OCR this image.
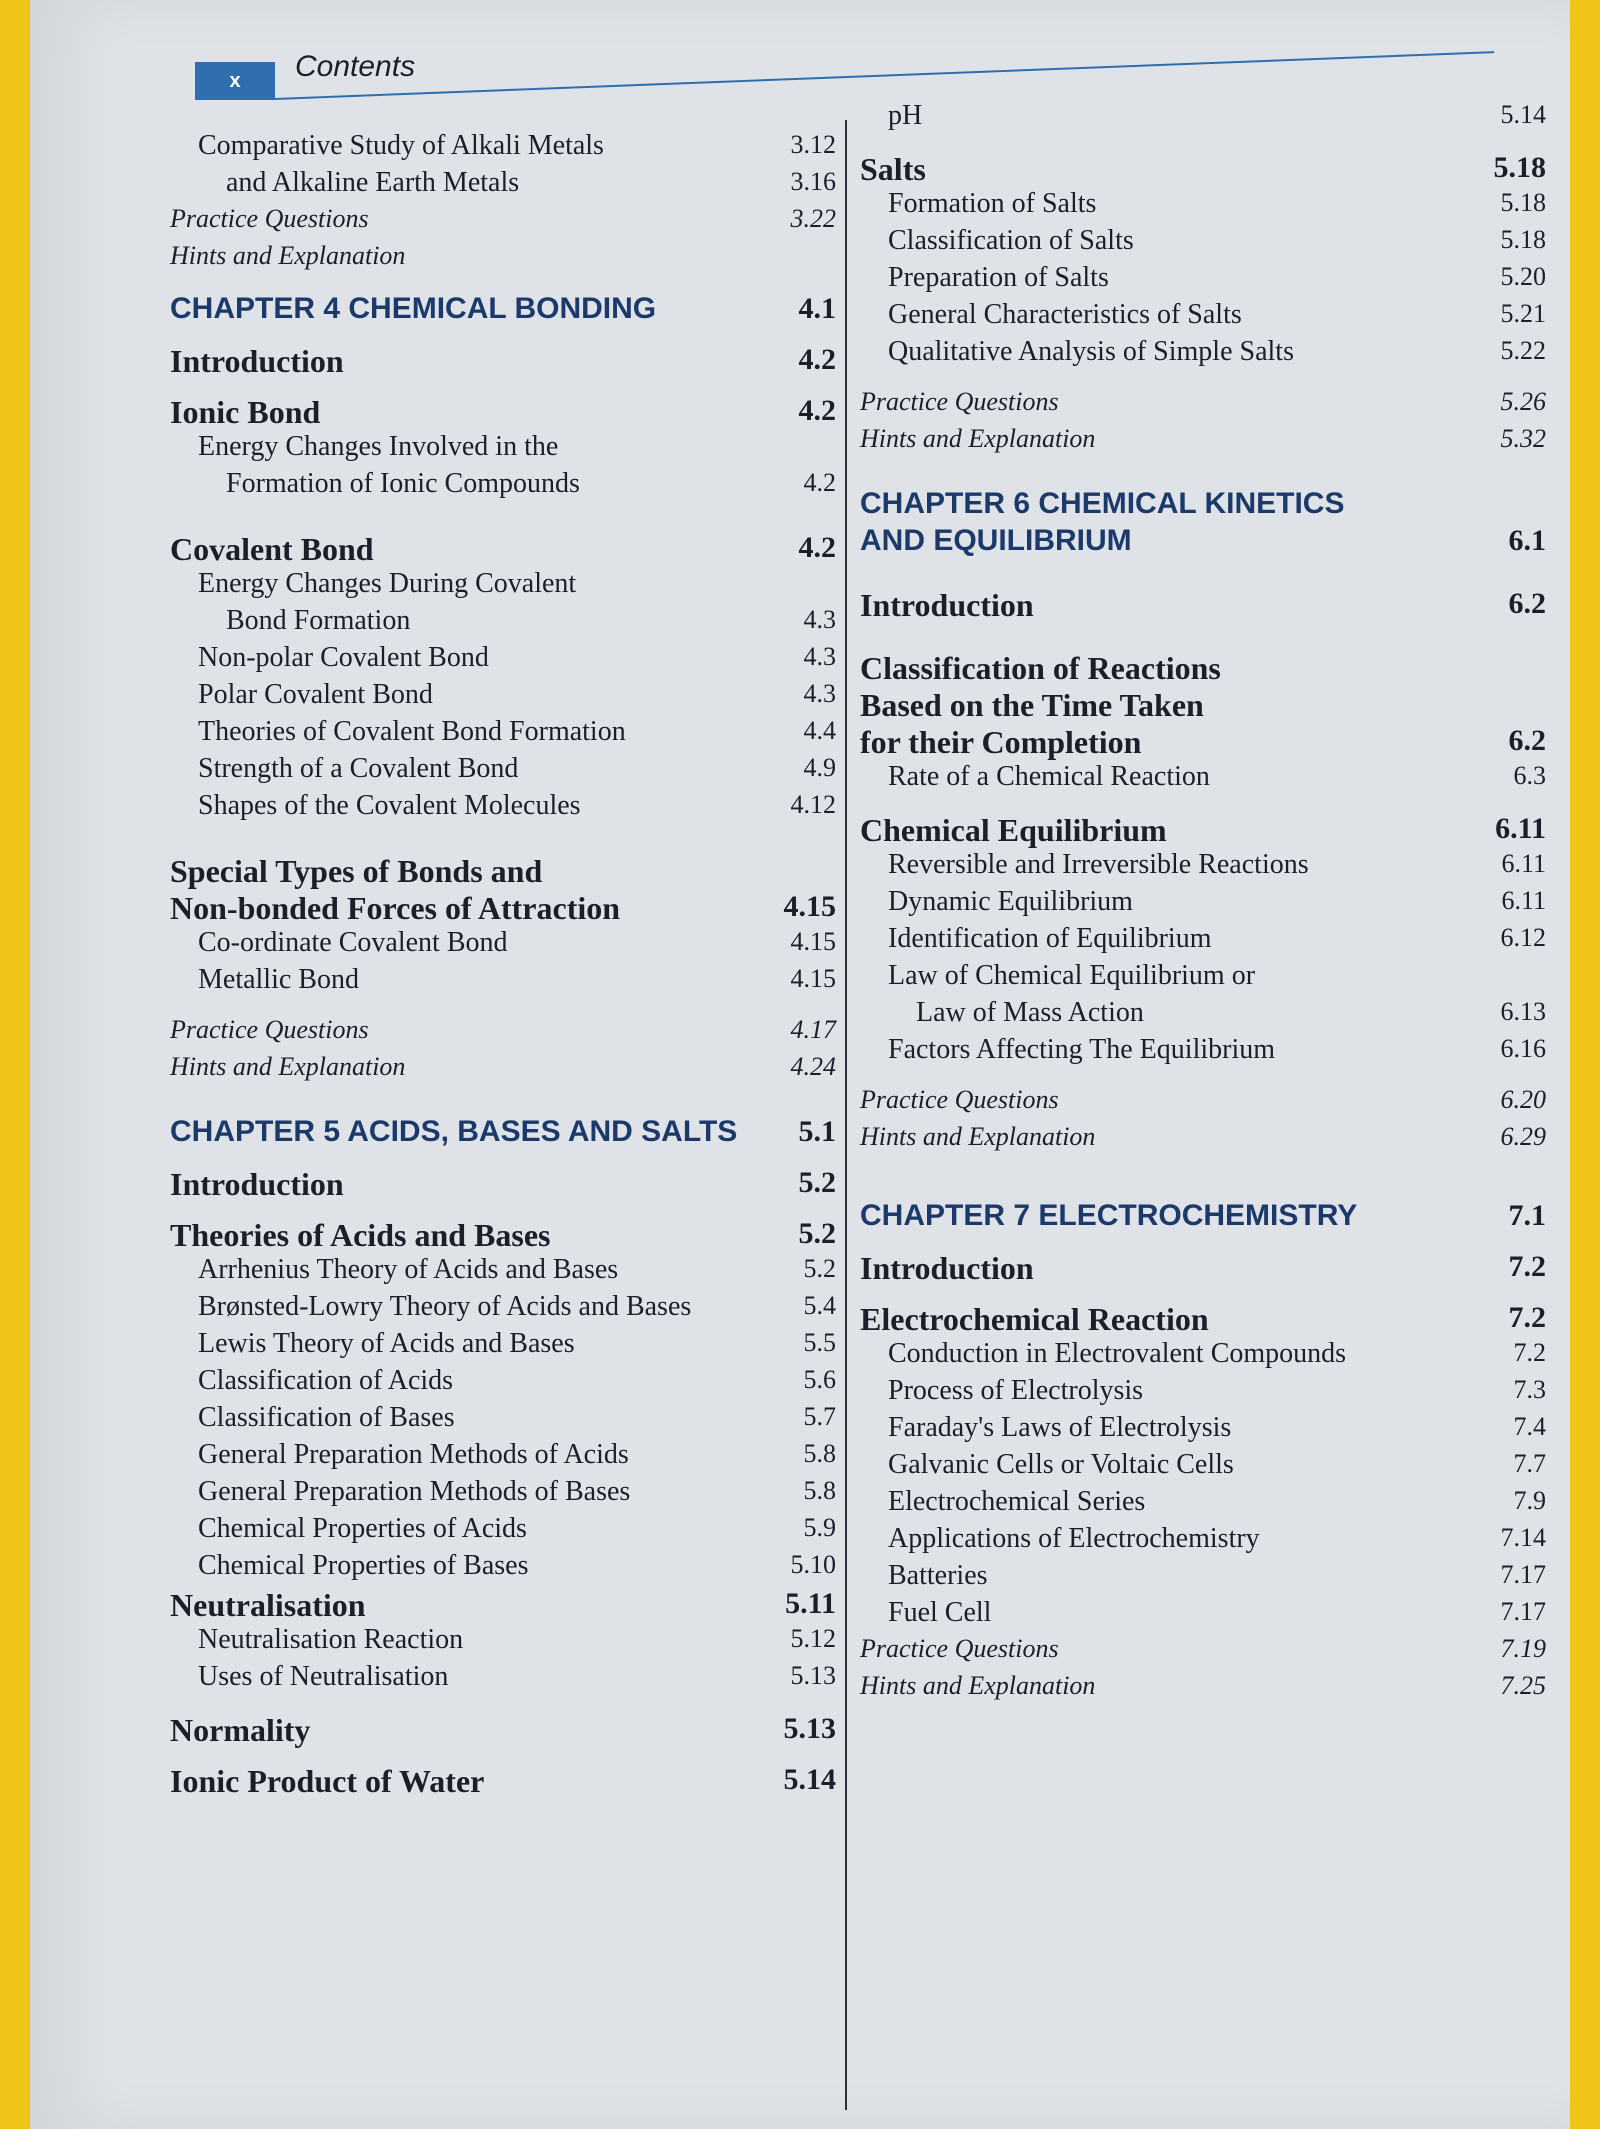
x	Contents
Comparative Study of Alkali Metals	3.12
and Alkaline Earth Metals	3.16
Practice Questions	3.22
Hints and Explanation
CHAPTER 4 CHEMICAL BONDING	4.1
Introduction	4.2
Ionic Bond	4.2
Energy Changes Involved in the
Formation of Ionic Compounds	4.2
Covalent Bond	4.2
Energy Changes During Covalent
Bond Formation	4.3
Non-polar Covalent Bond	4.3
Polar Covalent Bond	4.3
Theories of Covalent Bond Formation	4.4
Strength of a Covalent Bond	4.9
Shapes of the Covalent Molecules	4.12
Special Types of Bonds and
Non-bonded Forces of Attraction	4.15
Co-ordinate Covalent Bond	4.15
Metallic Bond	4.15
Practice Questions	4.17
Hints and Explanation	4.24
CHAPTER 5 ACIDS, BASES AND SALTS 5.1
Introduction	5.2
Theories of Acids and Bases	5.2
Arrhenius Theory of Acids and Bases	5.2
Brønsted-Lowry Theory of Acids and Bases	5.4
Lewis Theory of Acids and Bases	5.5
Classification of Acids	5.6
Classification of Bases	5.7
General Preparation Methods of Acids	5.8
General Preparation Methods of Bases	5.8
Chemical Properties of Acids	5.9
Chemical Properties of Bases	5.10
Neutralisation	5.11
Neutralisation Reaction	5.12
Uses of Neutralisation	5.13
Normality	5.13
Ionic Product of Water	5.14
pH	5.14
Salts	5.18
Formation of Salts	5.18
Classification of Salts	5.18
Preparation of Salts	5.20
General Characteristics of Salts	5.21
Qualitative Analysis of Simple Salts	5.22
Practice Questions	5.26
Hints and Explanation	5.32
CHAPTER 6 CHEMICAL KINETICS
AND EQUILIBRIUM	6.1
Introduction	6.2
Classification of Reactions
Based on the Time Taken
for their Completion	6.2
Rate of a Chemical Reaction	6.3
Chemical Equilibrium	6.11
Reversible and Irreversible Reactions	6.11
Dynamic Equilibrium	6.11
Identification of Equilibrium	6.12
Law of Chemical Equilibrium or
Law of Mass Action	6.13
Factors Affecting The Equilibrium	6.16
Practice Questions	6.20
Hints and Explanation	6.29
CHAPTER 7 ELECTROCHEMISTRY	7.1
Introduction	7.2
Electrochemical Reaction	7.2
Conduction in Electrovalent Compounds	7.2
Process of Electrolysis	7.3
Faraday's Laws of Electrolysis	7.4
Galvanic Cells or Voltaic Cells	7.7
Electrochemical Series	7.9
Applications of Electrochemistry	7.14
Batteries	7.17
Fuel Cell	7.17
Practice Questions	7.19
Hints and Explanation	7.25
